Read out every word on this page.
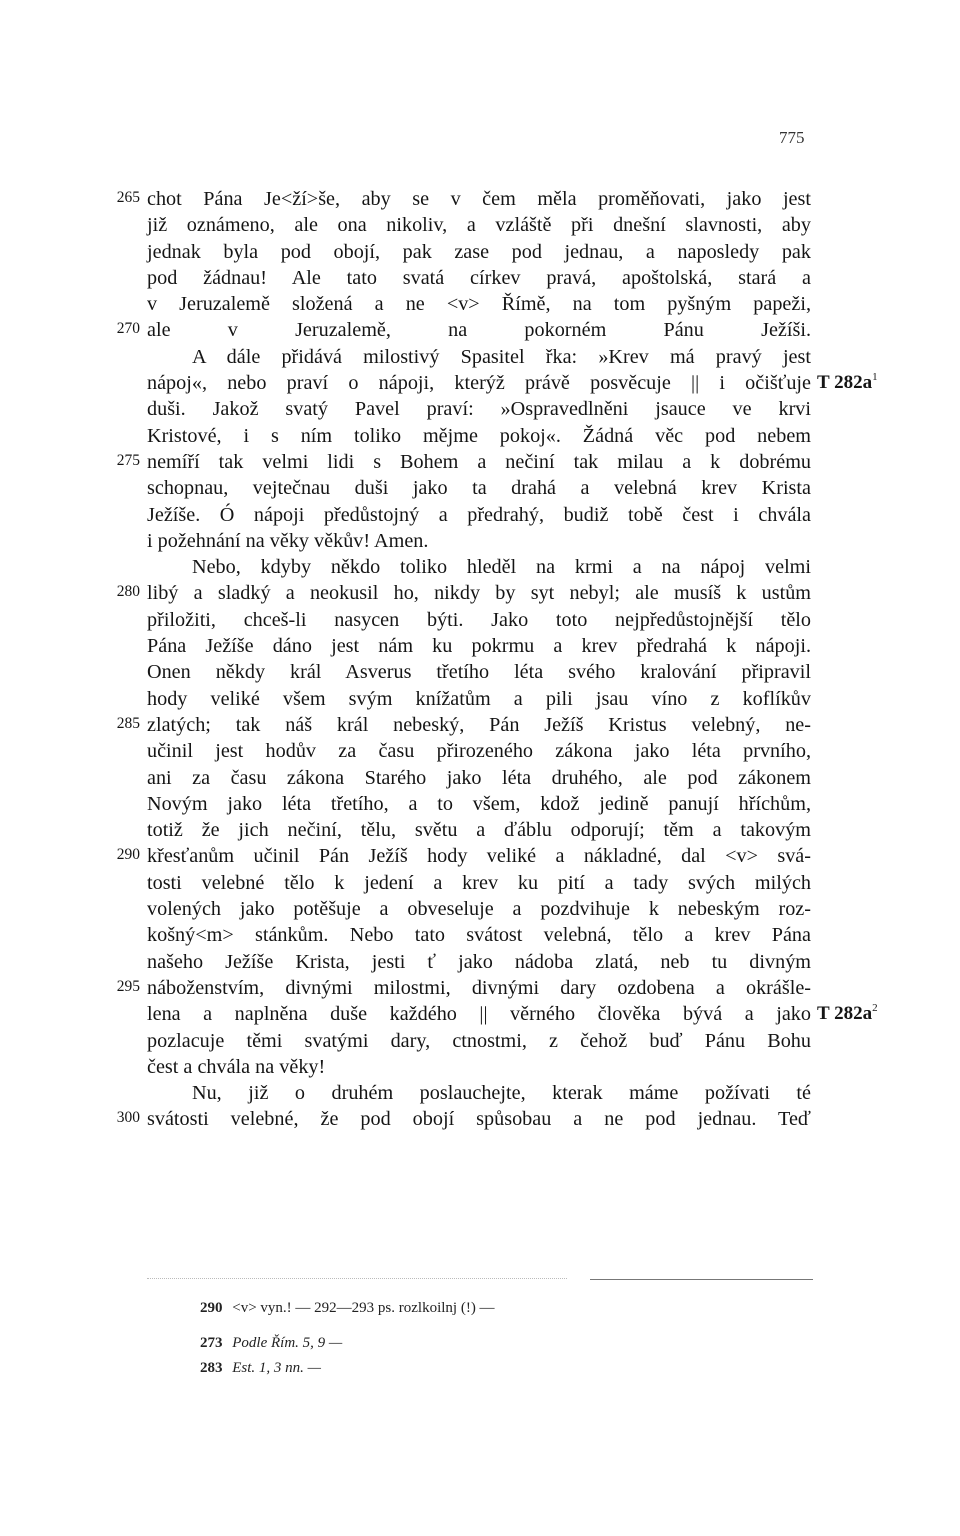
775
265 chot Pána Je<ží>še, aby se v čem měla proměňovati, jako jest
již oznámeno, ale ona nikoliv, a vzláště při dnešní slavnosti, aby
jednak byla pod obojí, pak zase pod jednau, a naposledy pak
pod žádnau! Ale tato svatá církev pravá, apoštolská, stará a
v Jeruzalemě složená a ne <v> Římě, na tom pyšným papeži,
270 ale v Jeruzalemě, na pokorném Pánu Ježíši.
A dále přidává milostivý Spasitel řka: »Krev má pravý jest
nápoj«, nebo praví o nápoji, kterýž právě posvěcuje || i očišťuje T $282a^1$
duši. Jakož svatý Pavel praví: »Ospravedlněni jsauce ve krvi
Kristové, i s ním toliko mějme pokoj«. Žádná věc pod nebem
275 nemíří tak velmi lidi s Bohem a nečiní tak milau a k dobrému
schopnau, vejtečnau duši jako ta drahá a velebná krev Krista
Ježíše. Ó nápoji předůstojný a předrahý, budiž tobě čest i chvála
i požehnání na věky věkův! Amen.
Nebo, kdyby někdo toliko hleděl na krmi a na nápoj velmi
280 libý a sladký a neokusil ho, nikdy by syt nebyl; ale musíš k ustům
přiložiti, chceš-li nasycen býti. Jako toto nejpředůstojnější tělo
Pána Ježíše dáno jest nám ku pokrmu a krev předrahá k nápoji.
Onen někdy král Asverus třetího léta svého kralování připravil
hody veliké všem svým knížatům a pili jsau víno z koflíkův
285 zlatých; tak náš král nebeský, Pán Ježíš Kristus velebný, ne-
učinil jest hodův za času přirozeného zákona jako léta prvního,
ani za času zákona Starého jako léta druhého, ale pod zákonem
Novým jako léta třetího, a to všem, kdož jedině panují hříchům,
totiž že jich nečiní, tělu, světu a ďáblu odporují; těm a takovým
290 křesťanům učinil Pán Ježíš hody veliké a nákladné, dal <v> svá-
tosti velebné tělo k jedení a krev ku pití a tady svých milých
volených jako potěšuje a obveseluje a pozdvihuje k nebeským roz-
košný<m> stánkům. Nebo tato svátost velebná, tělo a krev Pána
našeho Ježíše Krista, jesti ť jako nádoba zlatá, neb tu divným
295 náboženstvím, divnými milostmi, divnými dary ozdobena a okrášle-
lena a naplněna duše každého || věrného člověka bývá a jako T $282a^2$
pozlacuje těmi svatými dary, ctnostmi, z čehož buď Pánu Bohu
čest a chvála na věky!
Nu, již o druhém poslauchejte, kterak máme požívati té
300 svátosti velebné, že pod obojí spůsobau a ne pod jednau. Teď
290 <v> vyn.! — 292—293 ps. rozlkoilnj (!) —
273 Podle Řím. 5, 9 —
283 Est. 1, 3 nn. —
